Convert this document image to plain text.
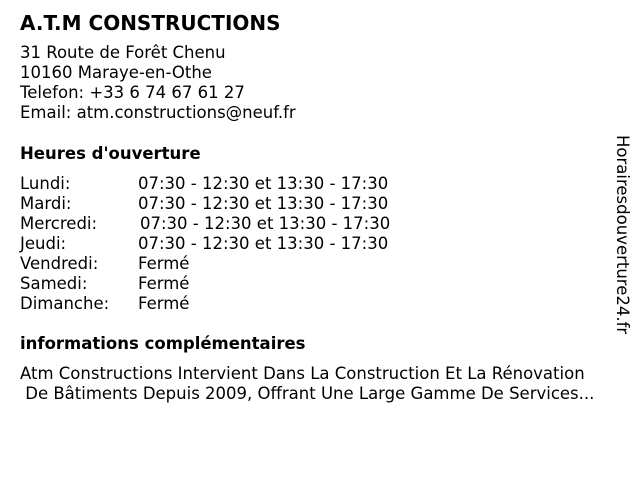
A.T.M CONSTRUCTIONS
31 Route de Forêt Chenu
10160 Maraye-en-Othe
Telefon: +33 6 74 67 61 27
Email: atm.constructions@neuf.fr
Heures d'ouverture
Lundi:	07:30 - 12:30 et 13:30 - 17:30
Mardi:	07:30 - 12:30 et 13:30 - 17:30
Mercredi:	07:30 - 12:30 et 13:30 - 17:30
Jeudi:	07:30 - 12:30 et 13:30 - 17:30
Vendredi: Fermé
Samedi:	Fermé
Dimanche: Fermé
informations complémentaires
Atm Constructions Intervient Dans La Construction Et La Rénovation
De Bâtiments Depuis 2009, Offrant Une Large Gamme De Services...
Horairesdouverture24.fr
